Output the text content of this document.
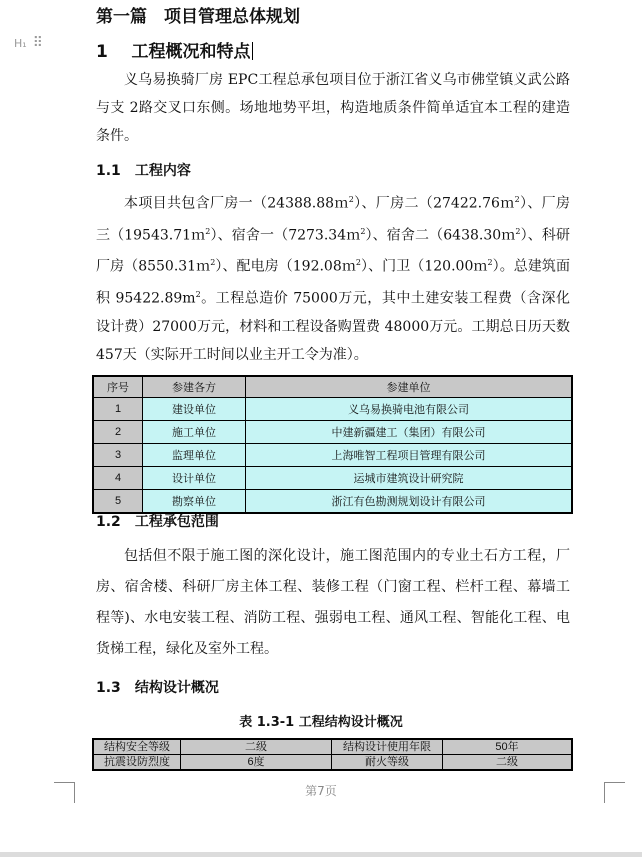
H₁ ⠿
第一篇　项目管理总体规划
1 工程概况和特点
义乌易换骑厂房 EPC工程总承包项目位于浙江省义乌市佛堂镇义武公路与支 2路交叉口东侧。场地地势平坦，构造地质条件简单适宜本工程的建造条件。
1.1 工程内容
本项目共包含厂房一（24388.88ｍ$^2$）、厂房二（27422.76ｍ$^2$）、厂房三（19543.71ｍ$^2$）、宿舍一（7273.34ｍ$^2$）、宿舍二（6438.30ｍ$^2$）、科研厂房（8550.31ｍ$^2$）、配电房（192.08ｍ$^2$）、门卫（120.00ｍ$^2$）。总建筑面积 $95422.89m^2$。工程总造价 75000万元，其中土建安装工程费（含深化设计费）27000万元，材料和工程设备购置费 48000万元。工期总日历天数 457天（实际开工时间以业主开工令为准）。
序号	参建各方	参建单位
1	建设单位	义乌易换骑电池有限公司
2	施工单位	中建新疆建工（集团）有限公司
3	监理单位	上海唯智工程项目管理有限公司
4	设计单位	运城市建筑设计研究院
5	勘察单位	浙江有色勘测规划设计有限公司
1.2 工程承包范围
包括但不限于施工图的深化设计，施工图范围内的专业土石方工程，厂房、宿舍楼、科研厂房主体工程、装修工程（门窗工程、栏杆工程、幕墙工程等)、水电安装工程、消防工程、强弱电工程、通风工程、智能化工程、电货梯工程，绿化及室外工程。
1.3 结构设计概况
表 1.3-1 工程结构设计概况
结构安全等级	二级	结构设计使用年限	50年
抗震设防烈度	6度	耐火等级	二级
第7页
